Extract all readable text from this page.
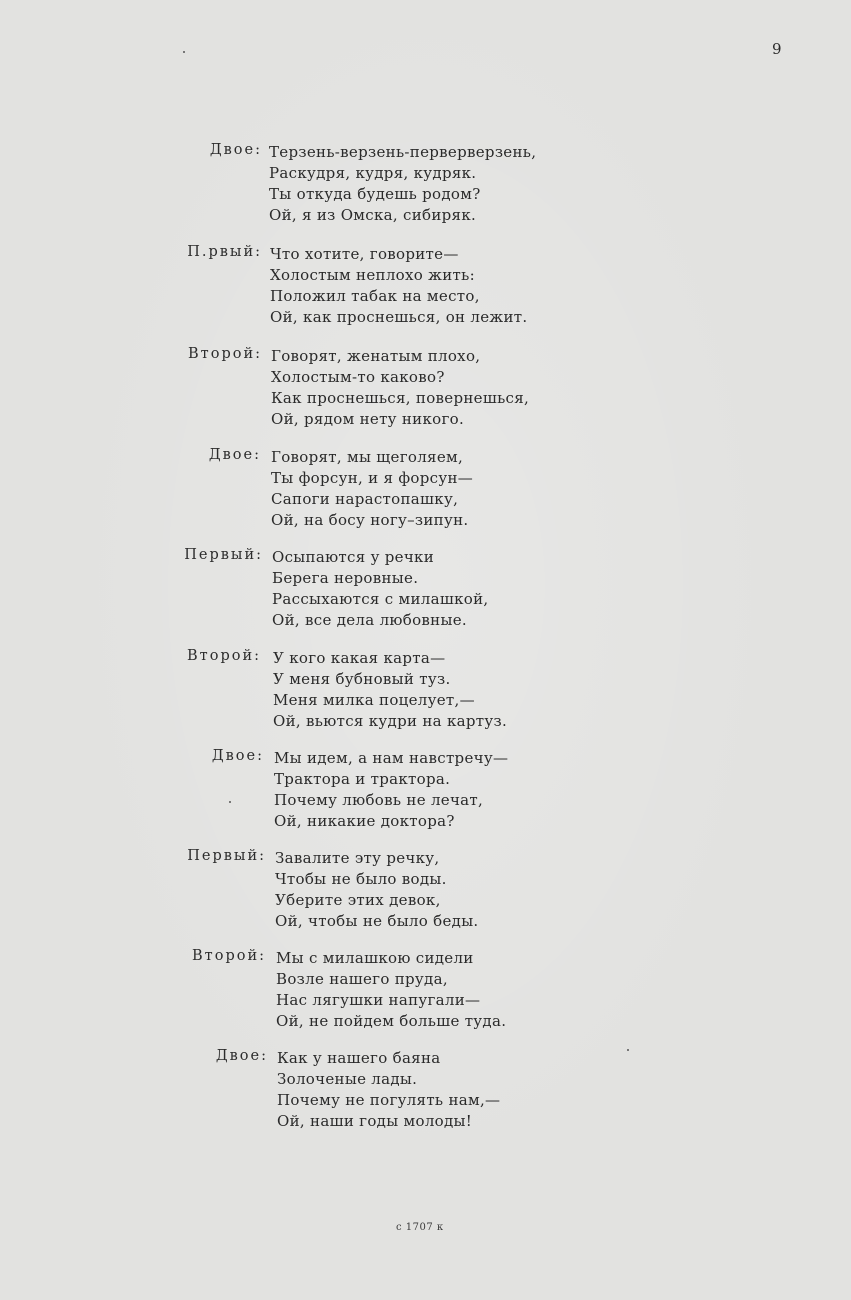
9
Двое: Терзень-верзень-перверверзень,
Раскудря, кудря, кудряк.
Ты откуда будешь родом?
Ой, я из Омска, сибиряк.
П.рвый: Что хотите, говорите—
Холостым неплохо жить:
Положил табак на место,
Ой, как проснешься, он лежит.
Второй: Говорят, женатым плохо,
Холостым-то каково?
Как проснешься, повернешься,
Ой, рядом нету никого.
Двое: Говорят, мы щеголяем,
Ты форсун, и я форсун—
Сапоги нарастопашку,
Ой, на босу ногу–зипун.
Первый: Осыпаются у речки
Берега неровные.
Рассыхаются с милашкой,
Ой, все дела любовные.
Второй: У кого какая карта—
У меня бубновый туз.
Меня милка поцелует,—
Ой, вьются кудри на картуз.
Двое: Мы идем, а нам навстречу—
Трактора и трактора.
Почему любовь не лечат,
Ой, никакие доктора?
Первый: Завалите эту речку,
Чтобы не было воды.
Уберите этих девок,
Ой, чтобы не было беды.
Второй: Мы с милашкою сидели
Возле нашего пруда,
Нас лягушки напугали—
Ой, не пойдем больше туда.
Двое: Как у нашего баяна
Золоченые лады.
Почему не погулять нам,—
Ой, наши годы молоды!
с 1707 к
